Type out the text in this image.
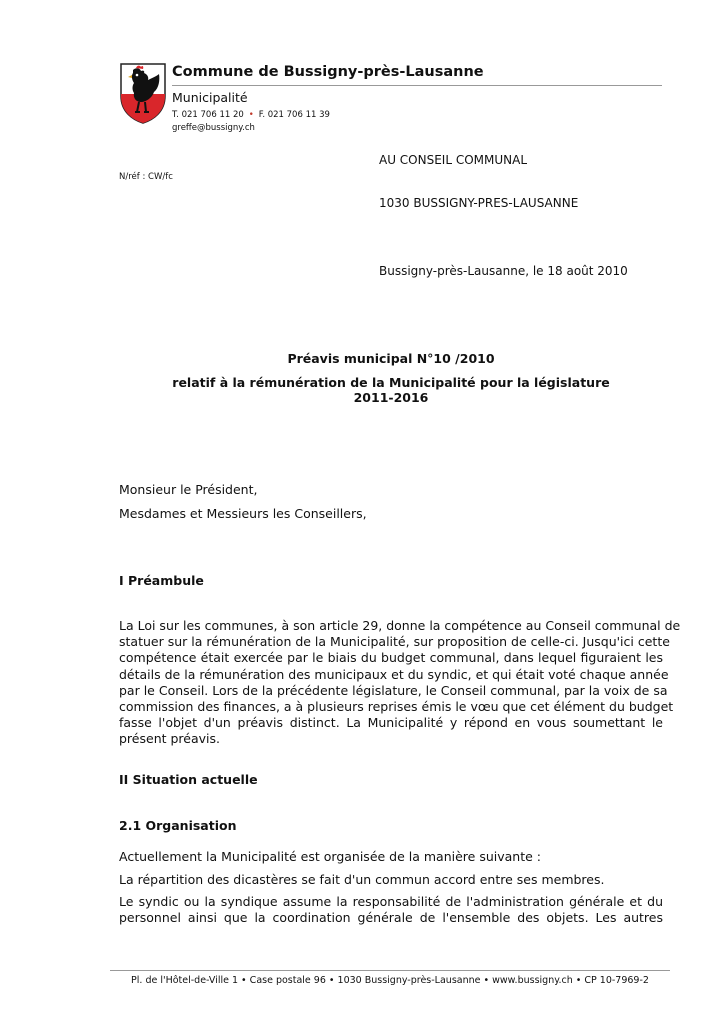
Commune de Bussigny-près-Lausanne
Municipalité
T. 021 706 11 20 • F. 021 706 11 39
greffe@bussigny.ch
AU CONSEIL COMMUNAL
N/réf : CW/fc
1030 BUSSIGNY-PRES-LAUSANNE
Bussigny-près-Lausanne, le 18 août 2010
Préavis municipal N°10 /2010
relatif à la rémunération de la Municipalité pour la législature
2011-2016
Monsieur le Président,
Mesdames et Messieurs les Conseillers,
I Préambule
La Loi sur les communes, à son article 29, donne la compétence au Conseil communal de
statuer sur la rémunération de la Municipalité, sur proposition de celle-ci. Jusqu'ici cette
compétence était exercée par le biais du budget communal, dans lequel figuraient les
détails de la rémunération des municipaux et du syndic, et qui était voté chaque année
par le Conseil. Lors de la précédente législature, le Conseil communal, par la voix de sa
commission des finances, a à plusieurs reprises émis le vœu que cet élément du budget
fasse l'objet d'un préavis distinct. La Municipalité y répond en vous soumettant le
présent préavis.
II Situation actuelle
2.1 Organisation
Actuellement la Municipalité est organisée de la manière suivante :
La répartition des dicastères se fait d'un commun accord entre ses membres.
Le syndic ou la syndique assume la responsabilité de l'administration générale et du
personnel ainsi que la coordination générale de l'ensemble des objets. Les autres
Pl. de l'Hôtel-de-Ville 1 • Case postale 96 • 1030 Bussigny-près-Lausanne • www.bussigny.ch • CP 10-7969-2
